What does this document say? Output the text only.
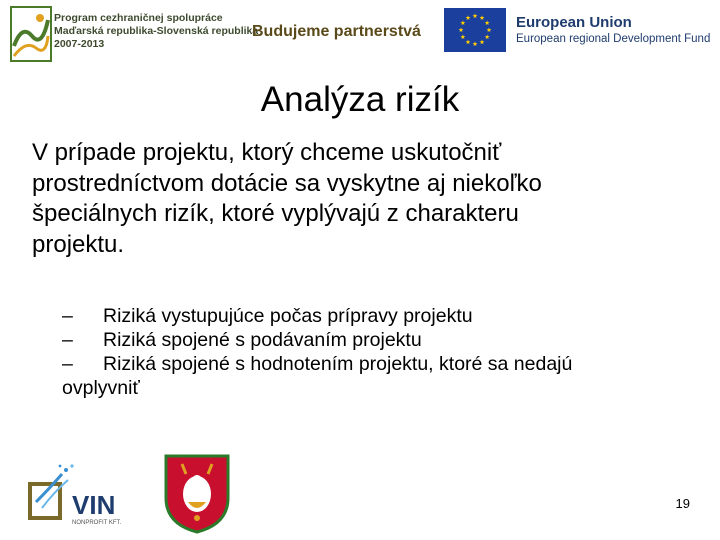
Program cezhraničnej spolupráce
Maďarská republika-Slovenská republika
2007-2013
Budujeme partnerstvá
European Union
European regional Development Fund
Analýza rizík
V prípade projektu, ktorý chceme uskutočniť
prostredníctvom dotácie sa vyskytne aj niekoľko
špeciálnych rizík, ktoré vyplývajú z charakteru
projektu.
– Riziká vystupujúce počas prípravy projektu
– Riziká spojené s podávaním projektu
– Riziká spojené s hodnotením projektu, ktoré sa nedajú
ovplyvniť
VIN
NONPROFIT KFT.
19
